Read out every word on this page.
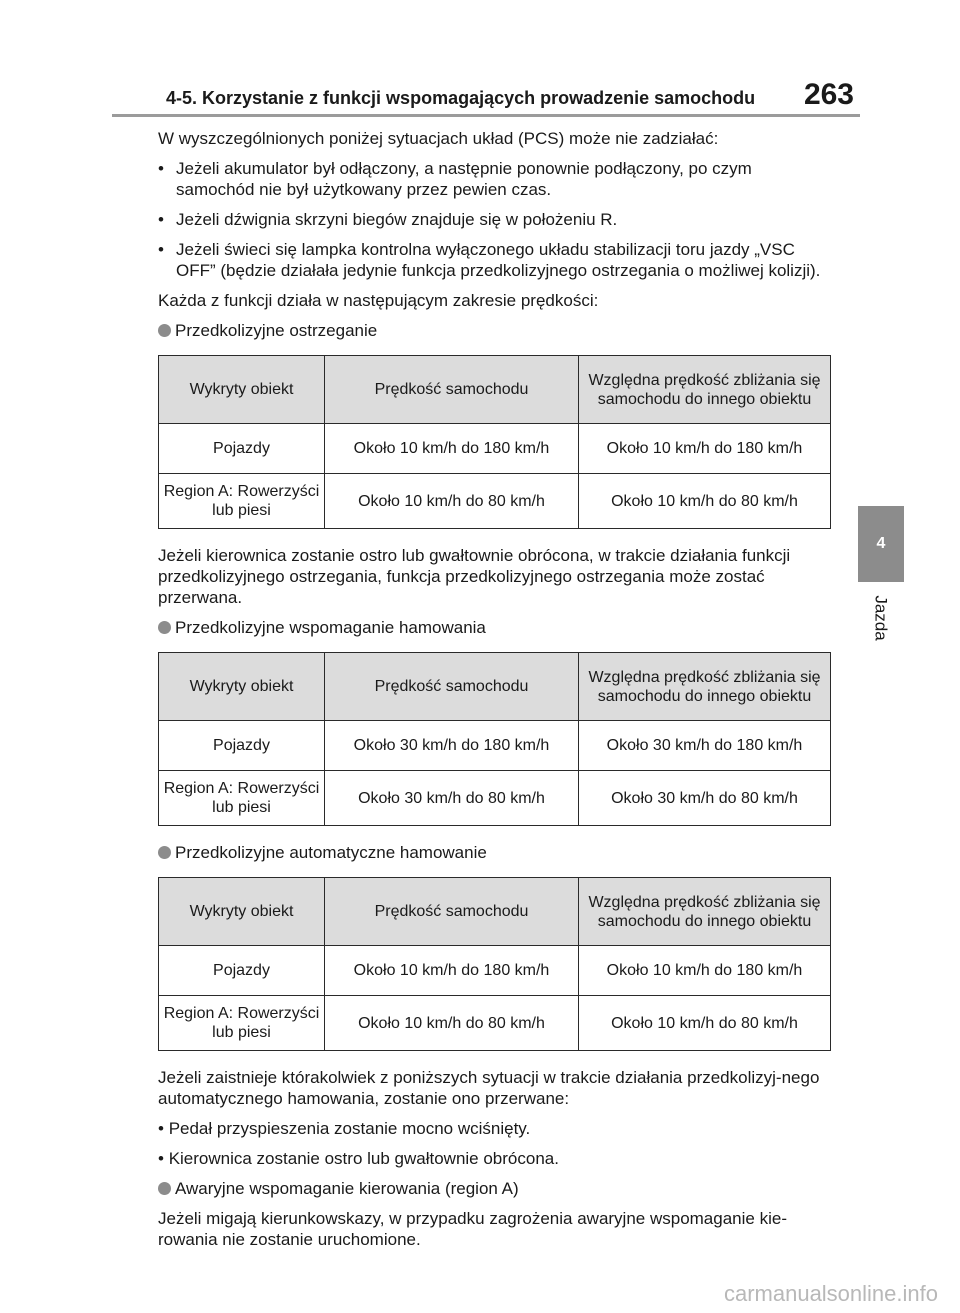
4-5. Korzystanie z funkcji wspomagających prowadzenie samochodu 263
4
Jazda

W wyszczególnionych poniżej sytuacjach układ (PCS) może nie zadziałać:

• Jeżeli akumulator był odłączony, a następnie ponownie podłączony, po czym samochód nie był użytkowany przez pewien czas.

• Jeżeli dźwignia skrzyni biegów znajduje się w położeniu R.

• Jeżeli świeci się lampka kontrolna wyłączonego układu stabilizacji toru jazdy „VSC OFF” (będzie działała jedynie funkcja przedkolizyjnego ostrzegania o możliwej kolizji).

Każda z funkcji działa w następującym zakresie prędkości:

Przedkolizyjne ostrzeganie
Wykryty obiekt	Prędkość samochodu	Względna prędkość zbliżania się samochodu do innego obiektu
Pojazdy	Około 10 km/h do 180 km/h	Około 10 km/h do 180 km/h
Region A: Rowerzyści lub piesi	Około 10 km/h do 80 km/h	Około 10 km/h do 80 km/h

Jeżeli kierownica zostanie ostro lub gwałtownie obrócona, w trakcie działania funkcji przedkolizyjnego ostrzegania, funkcja przedkolizyjnego ostrzegania może zostać przerwana.

Przedkolizyjne wspomaganie hamowania
Wykryty obiekt	Prędkość samochodu	Względna prędkość zbliżania się samochodu do innego obiektu
Pojazdy	Około 30 km/h do 180 km/h	Około 30 km/h do 180 km/h
Region A: Rowerzyści lub piesi	Około 30 km/h do 80 km/h	Około 30 km/h do 80 km/h
Przedkolizyjne automatyczne hamowanie
Wykryty obiekt	Prędkość samochodu	Względna prędkość zbliżania się samochodu do innego obiektu
Pojazdy	Około 10 km/h do 180 km/h	Około 10 km/h do 180 km/h
Region A: Rowerzyści lub piesi	Około 10 km/h do 80 km/h	Około 10 km/h do 80 km/h

Jeżeli zaistnieje którakolwiek z poniższych sytuacji w trakcie działania przedkolizyj-nego automatycznego hamowania, zostanie ono przerwane:

• Pedał przyspieszenia zostanie mocno wciśnięty.

• Kierownica zostanie ostro lub gwałtownie obrócona.

Awaryjne wspomaganie kierowania (region A)

Jeżeli migają kierunkowskazy, w przypadku zagrożenia awaryjne wspomaganie kie-rowania nie zostanie uruchomione.

carmanualsonline.info
